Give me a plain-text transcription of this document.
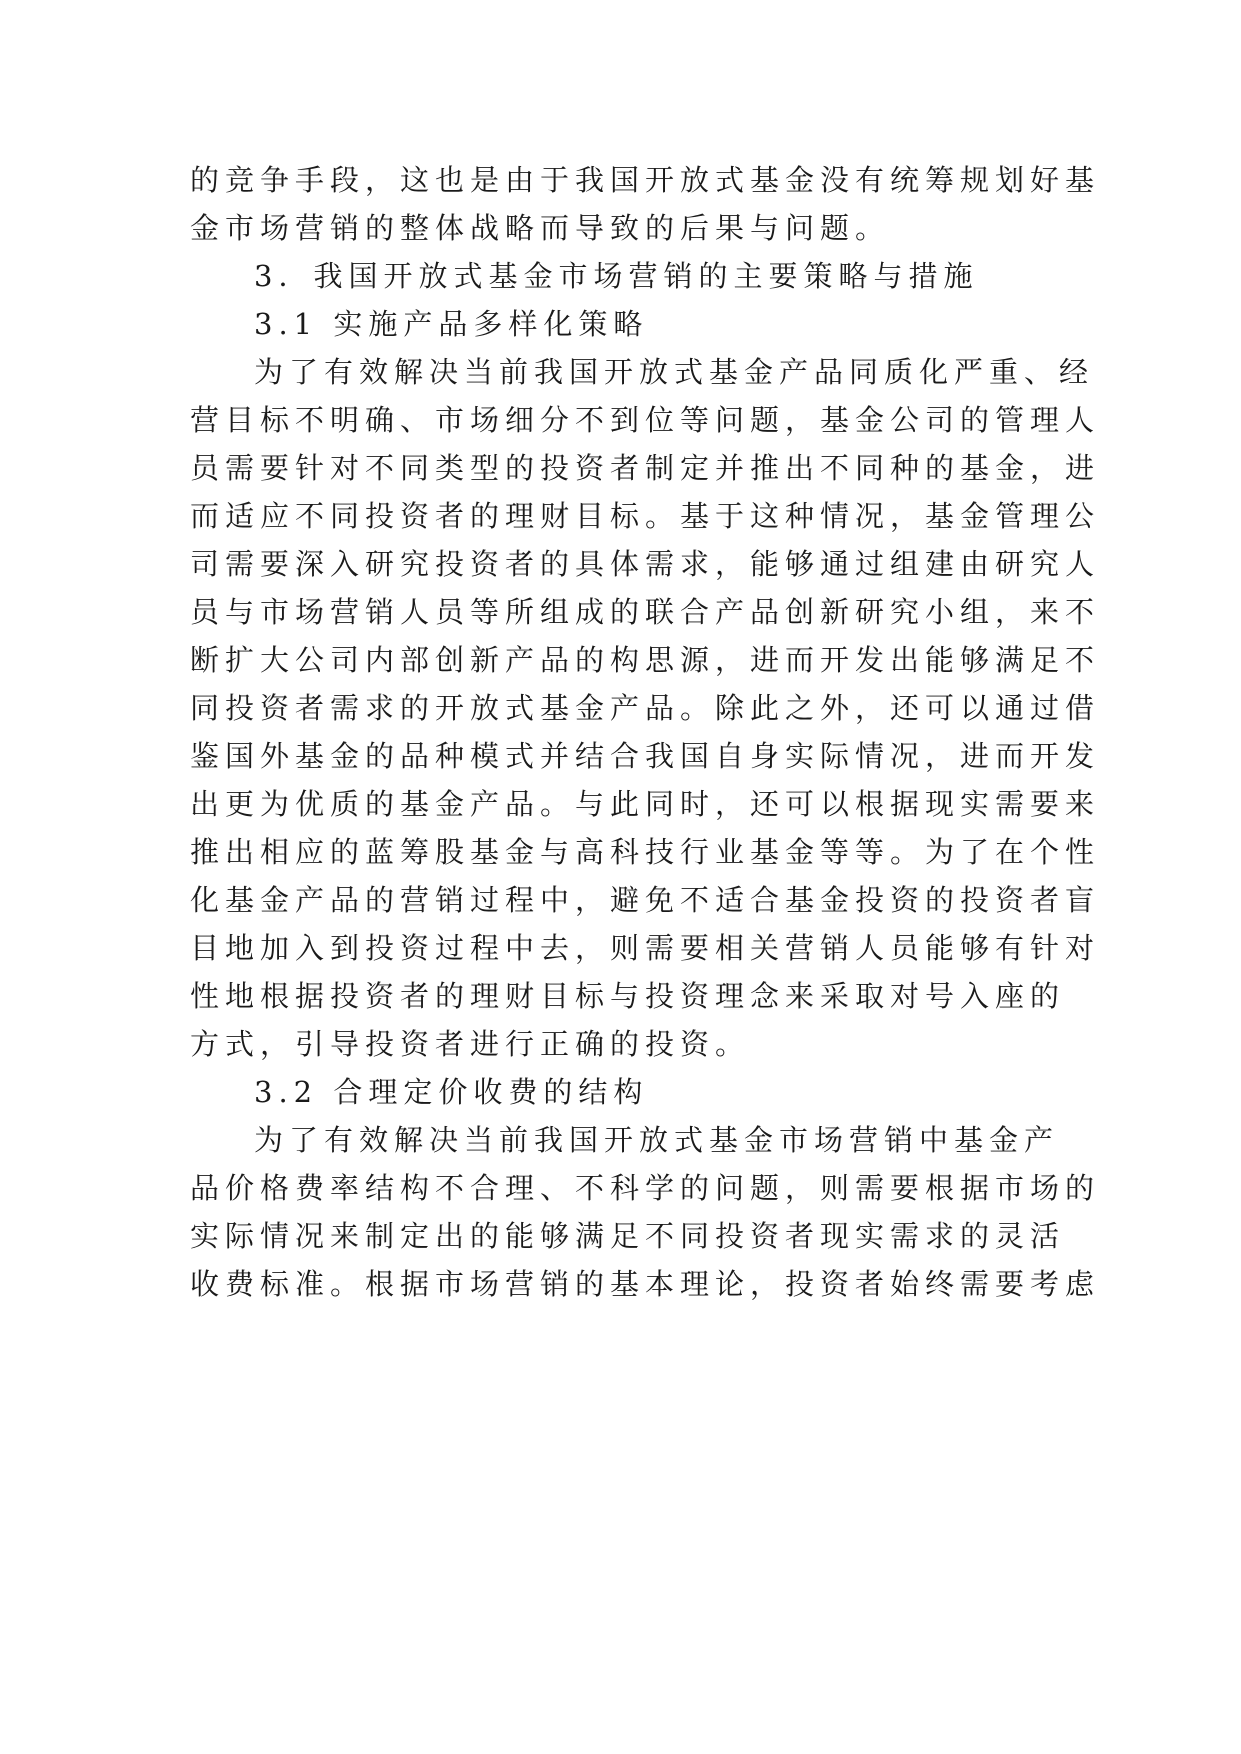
的竞争手段，这也是由于我国开放式基金没有统筹规划好基
金市场营销的整体战略而导致的后果与问题。
3．我国开放式基金市场营销的主要策略与措施
3.1 实施产品多样化策略
为了有效解决当前我国开放式基金产品同质化严重、经
营目标不明确、市场细分不到位等问题，基金公司的管理人
员需要针对不同类型的投资者制定并推出不同种的基金，进
而适应不同投资者的理财目标。基于这种情况，基金管理公
司需要深入研究投资者的具体需求，能够通过组建由研究人
员与市场营销人员等所组成的联合产品创新研究小组，来不
断扩大公司内部创新产品的构思源，进而开发出能够满足不
同投资者需求的开放式基金产品。除此之外，还可以通过借
鉴国外基金的品种模式并结合我国自身实际情况，进而开发
出更为优质的基金产品。与此同时，还可以根据现实需要来
推出相应的蓝筹股基金与高科技行业基金等等。为了在个性
化基金产品的营销过程中，避免不适合基金投资的投资者盲
目地加入到投资过程中去，则需要相关营销人员能够有针对
性地根据投资者的理财目标与投资理念来采取对号入座的
方式，引导投资者进行正确的投资。
3.2 合理定价收费的结构
为了有效解决当前我国开放式基金市场营销中基金产
品价格费率结构不合理、不科学的问题，则需要根据市场的
实际情况来制定出的能够满足不同投资者现实需求的灵活
收费标准。根据市场营销的基本理论，投资者始终需要考虑
